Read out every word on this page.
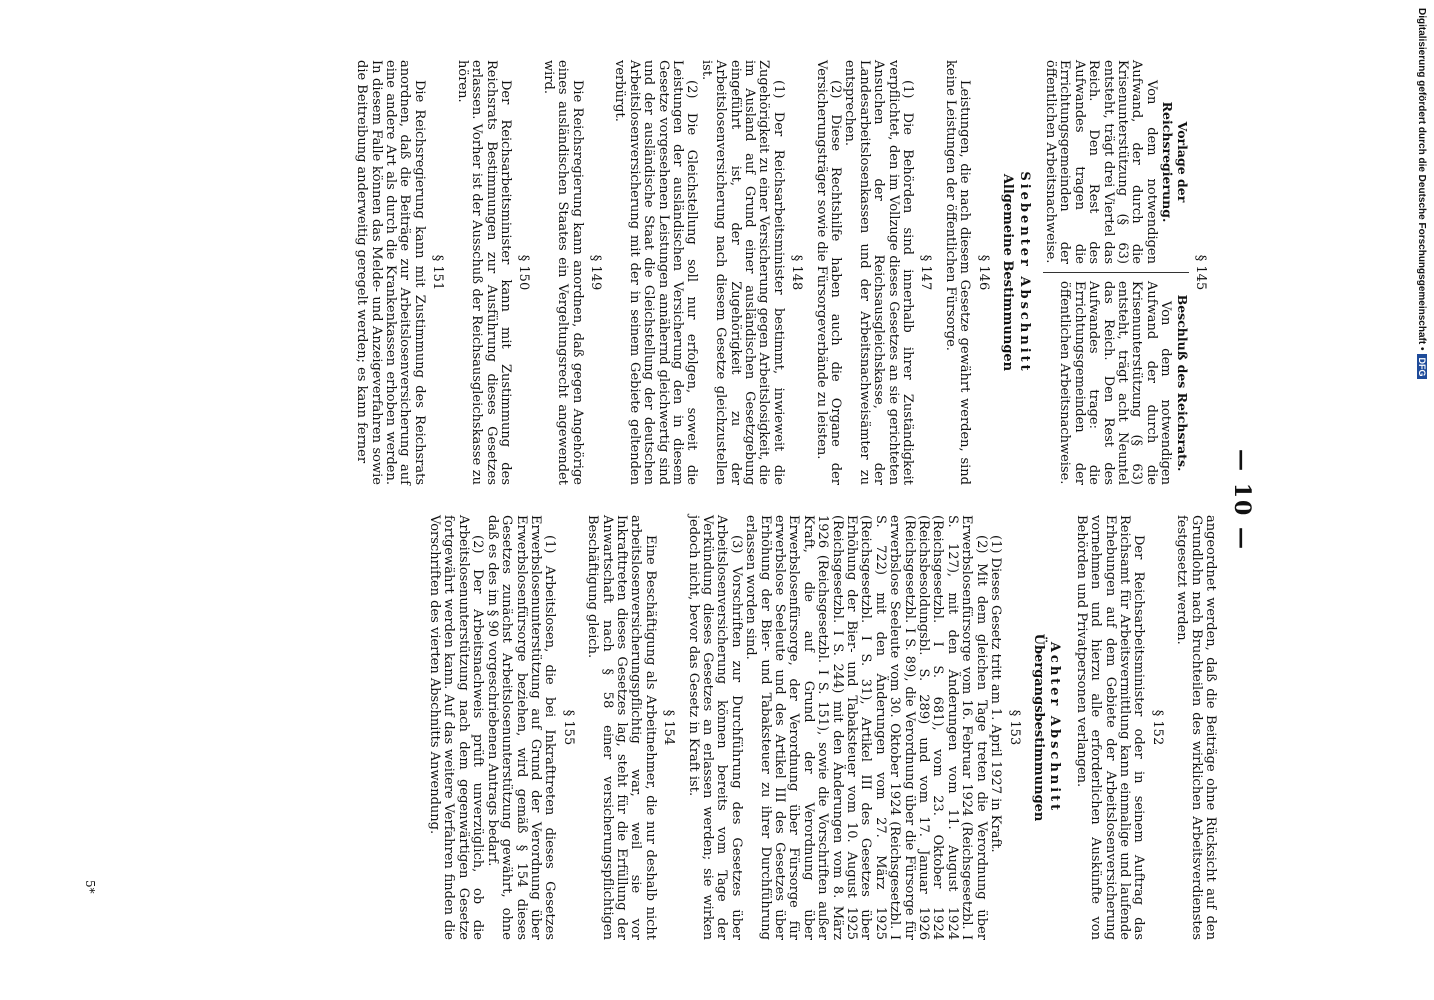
— 10 —
§ 145
Vorlage der Reichsregierung.

Von dem notwendigen Aufwand, der durch die Krisenunterstützung (§ 63) entsteht, trägt drei Viertel das Reich. Den Rest des Aufwandes tragen die Errichtungsgemeinden der öffentlichen Arbeitsnachweise.

Beschluß des Reichsrats.

Von dem notwendigen Aufwand der durch die Krisenunterstützung (§ 63) entsteht, trägt acht Neuntel das Reich. Den Rest des Aufwandes trage: die Errichtungsgemeinden der öffentlichen Arbeitsnachweise.

Siebenter Abschnitt
Allgemeine Bestimmungen
§ 146

Leistungen, die nach diesem Gesetze gewährt werden, sind keine Leistungen der öffentlichen Fürsorge.

§ 147

(1) Die Behörden sind innerhalb ihrer Zuständigkeit verpflichtet, den im Vollzuge dieses Gesetzes an sie gerichteten Ansuchen der Reichsausgleichskasse, der Landesarbeitslosenkassen und der Arbeitsnachweisämter zu entsprechen.

(2) Diese Rechtshilfe haben auch die Organe der Versicherungsträger sowie die Fürsorgeverbände zu leisten.

§ 148

(1) Der Reichsarbeitsminister bestimmt, inwieweit die Zugehörigkeit zu einer Versicherung gegen Arbeitslosigkeit, die im Ausland auf Grund einer ausländischen Gesetzgebung eingeführt ist, der Zugehörigkeit zu der Arbeitslosenversicherung nach diesem Gesetze gleichzustellen ist.

(2) Die Gleichstellung soll nur erfolgen, soweit die Leistungen der ausländischen Versicherung den in diesem Gesetze vorgesehenen Leistungen annähernd gleichwertig sind und der ausländische Staat die Gleichstellung der deutschen Arbeitslosenversicherung mit der in seinem Gebiete geltenden verbürgt.

§ 149

Die Reichsregierung kann anordnen, daß gegen Angehörige eines ausländischen Staates ein Vergeltungsrecht angewendet wird.

§ 150

Der Reichsarbeitsminister kann mit Zustimmung des Reichsrats Bestimmungen zur Ausführung dieses Gesetzes erlassen. Vorher ist der Ausschuß der Reichsausgleichskasse zu hören.

§ 151

Die Reichsregierung kann mit Zustimmung des Reichsrats anordnen, daß die Beiträge zur Arbeitslosenversicherung auf eine andere Art als durch die Krankenkassen erhoben werden. In diesem Falle können das Melde- und Anzeigeverfahren sowie die Beitreibung anderweitig geregelt werden; es kann ferner

angeordnet werden, daß die Beiträge ohne Rücksicht auf den Grundlohn nach Bruchteilen des wirklichen Arbeitsverdienstes festgesetzt werden.

§ 152

Der Reichsarbeitsminister oder in seinem Auftrag das Reichsamt für Arbeitsvermittlung kann einmalige und laufende Erhebungen auf dem Gebiete der Arbeitslosenversicherung vornehmen und hierzu alle erforderlichen Auskünfte von Behörden und Privatpersonen verlangen.

Achter Abschnitt
Übergangsbestimmungen
§ 153

(1) Dieses Gesetz tritt am 1. April 1927 in Kraft.

(2) Mit dem gleichen Tage treten die Verordnung über Erwerbslosenfürsorge vom 16. Februar 1924 (Reichsgesetzbl. I S. 127), mit den Änderungen vom 11. August 1924 (Reichsgesetzbl. I S. 681), vom 23. Oktober 1924 (Reichsbesoldungsbl. S. 289) und vom 17. Januar 1926 (Reichsgesetzbl. I S. 89), die Verordnung über die Fürsorge für erwerbslose Seeleute vom 30. Oktober 1924 (Reichsgesetzbl. I S. 722) mit den Änderungen vom 27. März 1925 (Reichsgesetzbl. I S. 31), Artikel III des Gesetzes über Erhöhung der Bier- und Tabaksteuer vom 10. August 1925 (Reichsgesetzbl. I S. 244) mit den Änderungen vom 8. März 1926 (Reichsgesetzbl. I S. 151), sowie die Vorschriften außer Kraft, die auf Grund der Verordnung über Erwerbslosenfürsorge, der Verordnung über Fürsorge für erwerbslose Seeleute und des Artikel III des Gesetzes über Erhöhung der Bier- und Tabaksteuer zu ihrer Durchführung erlassen worden sind.

(3) Vorschriften zur Durchführung des Gesetzes über Arbeitslosenversicherung können bereits vom Tage der Verkündung dieses Gesetzes an erlassen werden; sie wirken jedoch nicht, bevor das Gesetz in Kraft ist.

§ 154

Eine Beschäftigung als Arbeitnehmer, die nur deshalb nicht arbeitslosenversicherungspflichtig war, weil sie vor Inkrafttreten dieses Gesetzes lag, steht für die Erfüllung der Anwartschaft nach § 58 einer versicherungspflichtigen Beschäftigung gleich.

§ 155

(1) Arbeitslosen, die bei Inkrafttreten dieses Gesetzes Erwerbslosenunterstützung auf Grund der Verordnung über Erwerbslosenfürsorge beziehen, wird gemäß § 154 dieses Gesetzes zunächst Arbeitslosenunterstützung gewährt, ohne daß es des im § 90 vorgeschriebenen Antrags bedarf.

(2) Der Arbeitsnachweis prüft unverzüglich, ob die Arbeitslosenunterstützung nach dem gegenwärtigen Gesetze fortgewährt werden kann. Auf das weitere Verfahren finden die Vorschriften des vierten Abschnitts Anwendung.

5*
Digitalisierung gefördert durch die Deutsche Forschungsgemeinschaft •
DFG
